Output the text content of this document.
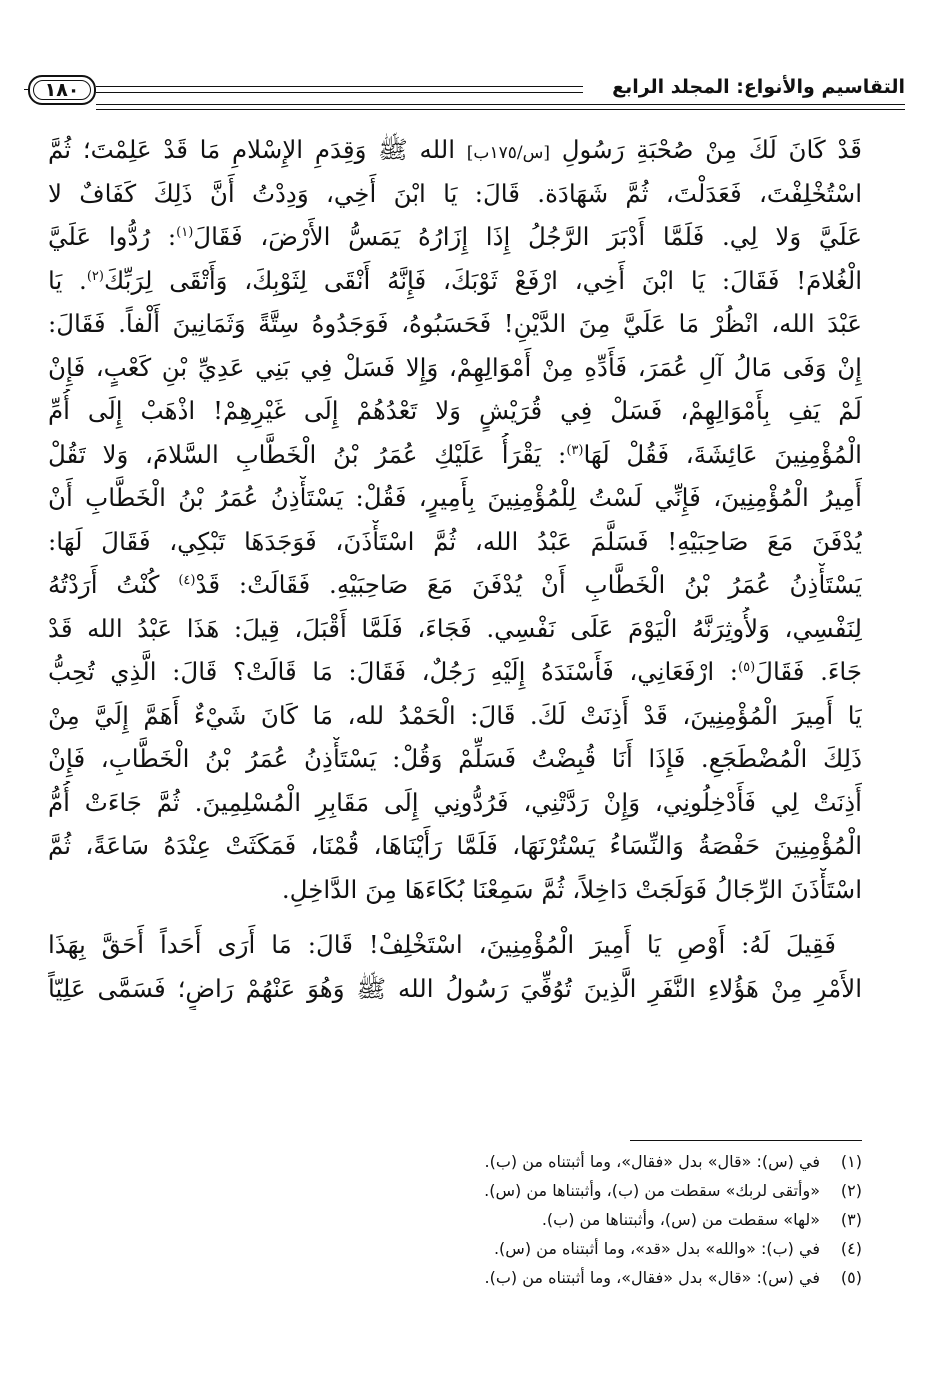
١٨٠	التقاسيم والأنواع: المجلد الرابع
قَدْ كَانَ لَكَ مِنْ صُحْبَةِ رَسُولِ [س/١٧٥ب] الله ﷺ وَقِدَمِ الإِسْلامِ مَا قَدْ عَلِمْتَ؛ ثُمَّ
اسْتُخْلِفْتَ، فَعَدَلْتَ، ثُمَّ شَهَادَة. قَالَ: يَا ابْنَ أَخِي، وَدِدْتُ أَنَّ ذَلِكَ كَفَافٌ لا
عَلَيَّ وَلا لِي. فَلَمَّا أَدْبَرَ الرَّجُلُ إِذَا إِزَارُهُ يَمَسُّ الأَرْضَ، فَقَالَ$^{(١)}$: رُدُّوا عَلَيَّ
الْغُلامَ! فَقَالَ: يَا ابْنَ أَخِي، ارْفَعْ ثَوْبَكَ، فَإِنَّهُ أَنْقَى لِثَوْبِكَ، وَأَتْقَى لِرَبِّكَ$^{(٢)}$. يَا
عَبْدَ الله، انْظُرْ مَا عَلَيَّ مِنَ الدَّيْنِ! فَحَسَبُوهُ، فَوَجَدُوهُ سِتَّةً وَثَمَانِينَ أَلْفاً. فَقَالَ:
إِنْ وَفَى مَالُ آلِ عُمَرَ، فَأَدِّهِ مِنْ أَمْوَالِهِمْ، وَإِلا فَسَلْ فِي بَنِي عَدِيِّ بْنِ كَعْبٍ، فَإِنْ
لَمْ يَفِ بِأَمْوَالِهِمْ، فَسَلْ فِي قُرَيْشٍ وَلا تَعْدُهُمْ إِلَى غَيْرِهِمْ! اذْهَبْ إِلَى أُمِّ
الْمُؤْمِنِينَ عَائِشَةَ، فَقُلْ لَهَا$^{(٣)}$: يَقْرَأُ عَلَيْكِ عُمَرُ بْنُ الْخَطَّابِ السَّلامَ، وَلا تَقُلْ
أَمِيرُ الْمُؤْمِنِينَ، فَإِنِّي لَسْتُ لِلْمُؤْمِنِينَ بِأَمِيرٍ، فَقُلْ: يَسْتَأْذِنُ عُمَرُ بْنُ الْخَطَّابِ أَنْ
يُدْفَنَ مَعَ صَاحِبَيْهِ! فَسَلَّمَ عَبْدُ الله، ثُمَّ اسْتَأْذَنَ، فَوَجَدَهَا تَبْكِي، فَقَالَ لَهَا:
يَسْتَأْذِنُ عُمَرُ بْنُ الْخَطَّابِ أَنْ يُدْفَنَ مَعَ صَاحِبَيْهِ. فَقَالَتْ: قَدْ$^{(٤)}$ كُنْتُ أَرَدْتُهُ
لِنَفْسِي، وَلأُوثِرَنَّهُ الْيَوْمَ عَلَى نَفْسِي. فَجَاءَ، فَلَمَّا أَقْبَلَ، قِيلَ: هَذَا عَبْدُ الله قَدْ
جَاءَ. فَقَالَ$^{(٥)}$: ارْفَعَانِي، فَأَسْنَدَهُ إِلَيْهِ رَجُلٌ، فَقَالَ: مَا قَالَتْ؟ قَالَ: الَّذِي تُحِبُّ
يَا أَمِيرَ الْمُؤْمِنِينَ، قَدْ أَذِنَتْ لَكَ. قَالَ: الْحَمْدُ لله، مَا كَانَ شَيْءٌ أَهَمَّ إِلَيَّ مِنْ
ذَلِكَ الْمُضْطَجَعِ. فَإِذَا أَنَا قُبِضْتُ فَسَلِّمْ وَقُلْ: يَسْتَأْذِنُ عُمَرُ بْنُ الْخَطَّابِ، فَإِنْ
أَذِنَتْ لِي فَأَدْخِلُونِي، وَإِنْ رَدَّتْنِي، فَرُدُّونِي إِلَى مَقَابِرِ الْمُسْلِمِينَ. ثُمَّ جَاءَتْ أُمُّ
الْمُؤْمِنِينَ حَفْصَةُ وَالنِّسَاءُ يَسْتُرْنَهَا، فَلَمَّا رَأَيْنَاهَا، قُمْنَا، فَمَكَثَتْ عِنْدَهُ سَاعَةً، ثُمَّ
اسْتَأْذَنَ الرِّجَالُ فَوَلَجَتْ دَاخِلاً، ثُمَّ سَمِعْنَا بُكَاءَهَا مِنَ الدَّاخِلِ.
فَقِيلَ لَهُ: أَوْصِ يَا أَمِيرَ الْمُؤْمِنِينَ، اسْتَخْلِفْ! قَالَ: مَا أَرَى أَحَداً أَحَقَّ بِهَذَا
الأَمْرِ مِنْ هَؤُلاءِ النَّفَرِ الَّذِينَ تُوُفِّيَ رَسُولُ الله ﷺ وَهُوَ عَنْهُمْ رَاضٍ؛ فَسَمَّى عَلِيّاً
(١)في (س): «قال» بدل «فقال»، وما أثبتناه من (ب).
(٢)«وأتقى لربك» سقطت من (ب)، وأثبتناها من (س).
(٣)«لها» سقطت من (س)، وأثبتناها من (ب).
(٤)في (ب): «والله» بدل «قد»، وما أثبتناه من (س).
(٥)في (س): «قال» بدل «فقال»، وما أثبتناه من (ب).
